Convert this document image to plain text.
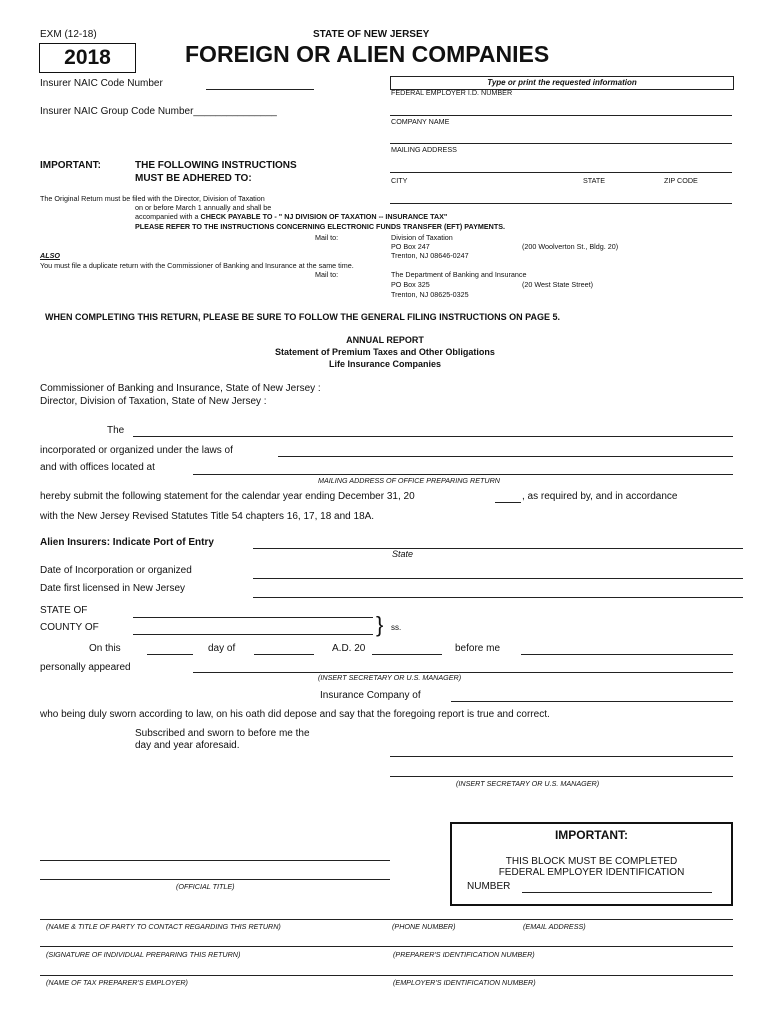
EXM (12-18)	STATE OF NEW JERSEY
2018	FOREIGN OR ALIEN COMPANIES
Insurer NAIC Code Number
Insurer NAIC Group Code Number_______________
Type or print the requested information
FEDERAL EMPLOYER I.D. NUMBER
COMPANY NAME
MAILING ADDRESS
CITY	STATE	ZIP CODE
IMPORTANT:	THE FOLLOWING INSTRUCTIONS
MUST BE ADHERED TO:
The Original Return must be filed with the Director, Division of Taxation
on or before March 1 annually and shall be
accompanied with a CHECK PAYABLE TO - " NJ DIVISION OF TAXATION -- INSURANCE TAX"
PLEASE REFER TO THE INSTRUCTIONS CONCERNING ELECTRONIC FUNDS TRANSFER (EFT) PAYMENTS.
Mail to:	Division of Taxation
PO Box 247	(200 Woolverton St., Bldg. 20)
ALSO	Trenton, NJ 08646-0247
You must file a duplicate return with the Commissioner of Banking and Insurance at the same time.
Mail to:	The Department of Banking and Insurance
PO Box 325	(20 West State Street)
Trenton, NJ 08625-0325
WHEN COMPLETING THIS RETURN, PLEASE BE SURE TO FOLLOW THE GENERAL FILING INSTRUCTIONS ON PAGE 5.
ANNUAL REPORT
Statement of Premium Taxes and Other Obligations
Life Insurance Companies
Commissioner of Banking and Insurance, State of New Jersey :
Director, Division of Taxation, State of New Jersey :
The
incorporated or organized under the laws of
and with offices located at
MAILING ADDRESS OF OFFICE PREPARING RETURN
hereby submit the following statement for the calendar year ending December 31, 20	, as required by, and in accordance
with the New Jersey Revised Statutes Title 54 chapters 16, 17, 18 and 18A.
Alien Insurers: Indicate Port of Entry
State
Date of Incorporation or organized
Date first licensed in New Jersey
STATE OF
COUNTY OF	} ss.
On this	day of	A.D. 20	before me
personally appeared
(INSERT SECRETARY OR U.S. MANAGER)
Insurance Company of
who being duly sworn according to law, on his oath did depose and say that the foregoing report is true and correct.
Subscribed and sworn to before me the
day and year aforesaid.
(INSERT SECRETARY OR U.S. MANAGER)
IMPORTANT:
THIS BLOCK MUST BE COMPLETED
FEDERAL EMPLOYER IDENTIFICATION
NUMBER
(OFFICIAL TITLE)
(NAME & TITLE OF PARTY TO CONTACT REGARDING THIS RETURN)	(PHONE NUMBER)	(EMAIL ADDRESS)
(SIGNATURE OF INDIVIDUAL PREPARING THIS RETURN)	(PREPARER'S IDENTIFICATION NUMBER)
(NAME OF TAX PREPARER'S EMPLOYER)	(EMPLOYER'S IDENTIFICATION NUMBER)
